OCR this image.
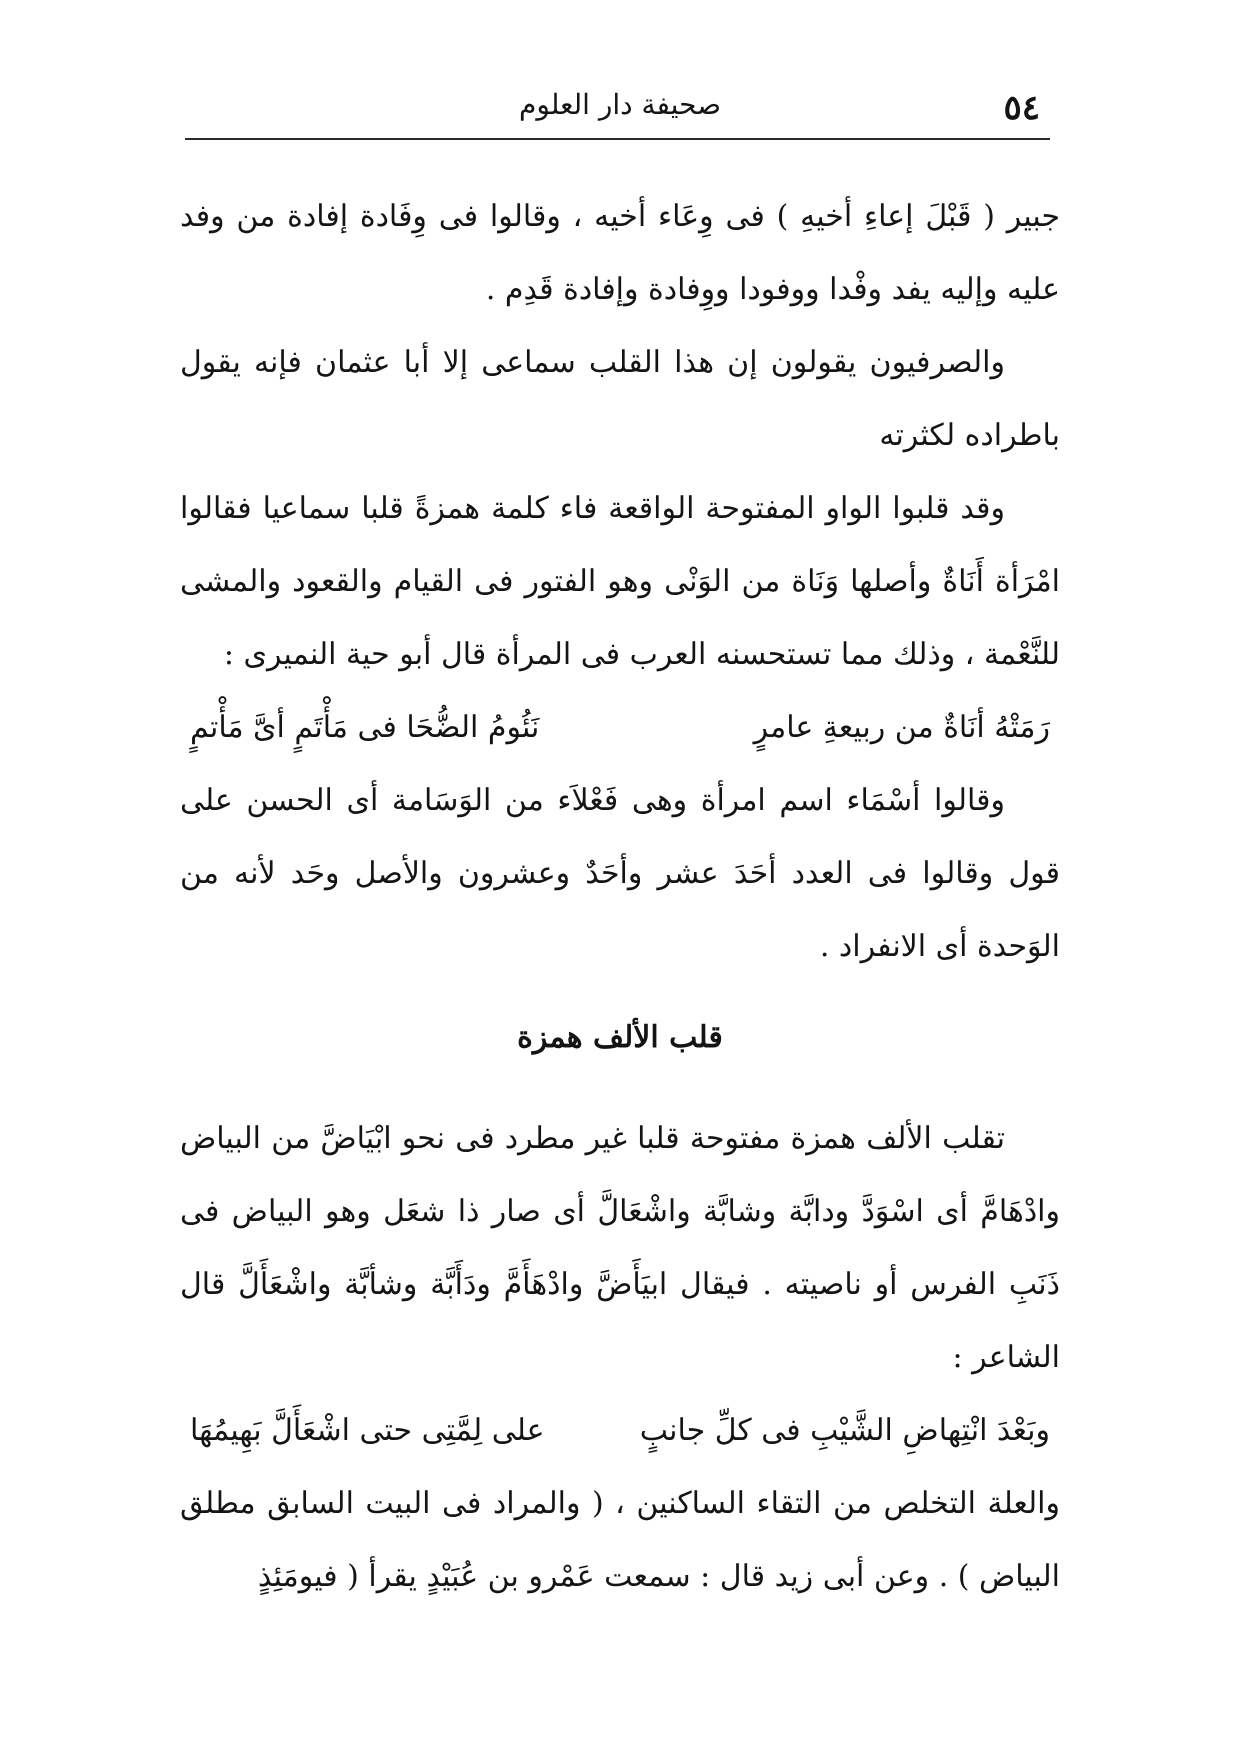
٥٤
صحيفة دار العلوم

جبير ( قَبْلَ إعاءِ أخيهِ ) فى وِعَاء أخيه ، وقالوا فى وِفَادة إفادة من وفد عليه وإليه يفد وفْدا ووفودا ووِفادة وإفادة قَدِم .

والصرفيون يقولون إن هذا القلب سماعى إلا أبا عثمان فإنه يقول باطراده لكثرته

وقد قلبوا الواو المفتوحة الواقعة فاء كلمة همزةً قلبا سماعيا فقالوا امْرَأة أَنَاةٌ وأصلها وَنَاة من الوَنْى وهو الفتور فى القيام والقعود والمشى للنَّعْمة ، وذلك مما تستحسنه العرب فى المرأة قال أبو حية النميرى :

رَمَتْهُ أنَاةٌ من ربيعةِ عامرٍ
نَئُومُ الضُّحَا فى مَأْتَمٍ أىَّ مَأْتمٍ

وقالوا أسْمَاء اسم امرأة وهى فَعْلاَء من الوَسَامة أى الحسن على قول وقالوا فى العدد أحَدَ عشر وأحَدٌ وعشرون والأصل وحَد لأنه من الوَحدة أى الانفراد .

قلب الألف همزة

تقلب الألف همزة مفتوحة قلبا غير مطرد فى نحو ابْيَاضَّ من البياض وادْهَامَّ أى اسْوَدَّ ودابَّة وشابَّة واشْعَالَّ أى صار ذا شعَل وهو البياض فى ذَنَبِ الفرس أو ناصيته . فيقال ابيَأَضَّ وادْهَأَمَّ ودَأَبَّة وشأبَّة واشْعَأَلَّ قال الشاعر :

وبَعْدَ انْتِهاضِ الشَّيْبِ فى كلِّ جانبٍ
على لِمَّتِى حتى اشْعَأَلَّ بَهِيمُهَا

والعلة التخلص من التقاء الساكنين ، ( والمراد فى البيت السابق مطلق البياض ) . وعن أبى زيد قال : سمعت عَمْرو بن عُبَيْدٍ يقرأ ( فيومَئِذٍ
